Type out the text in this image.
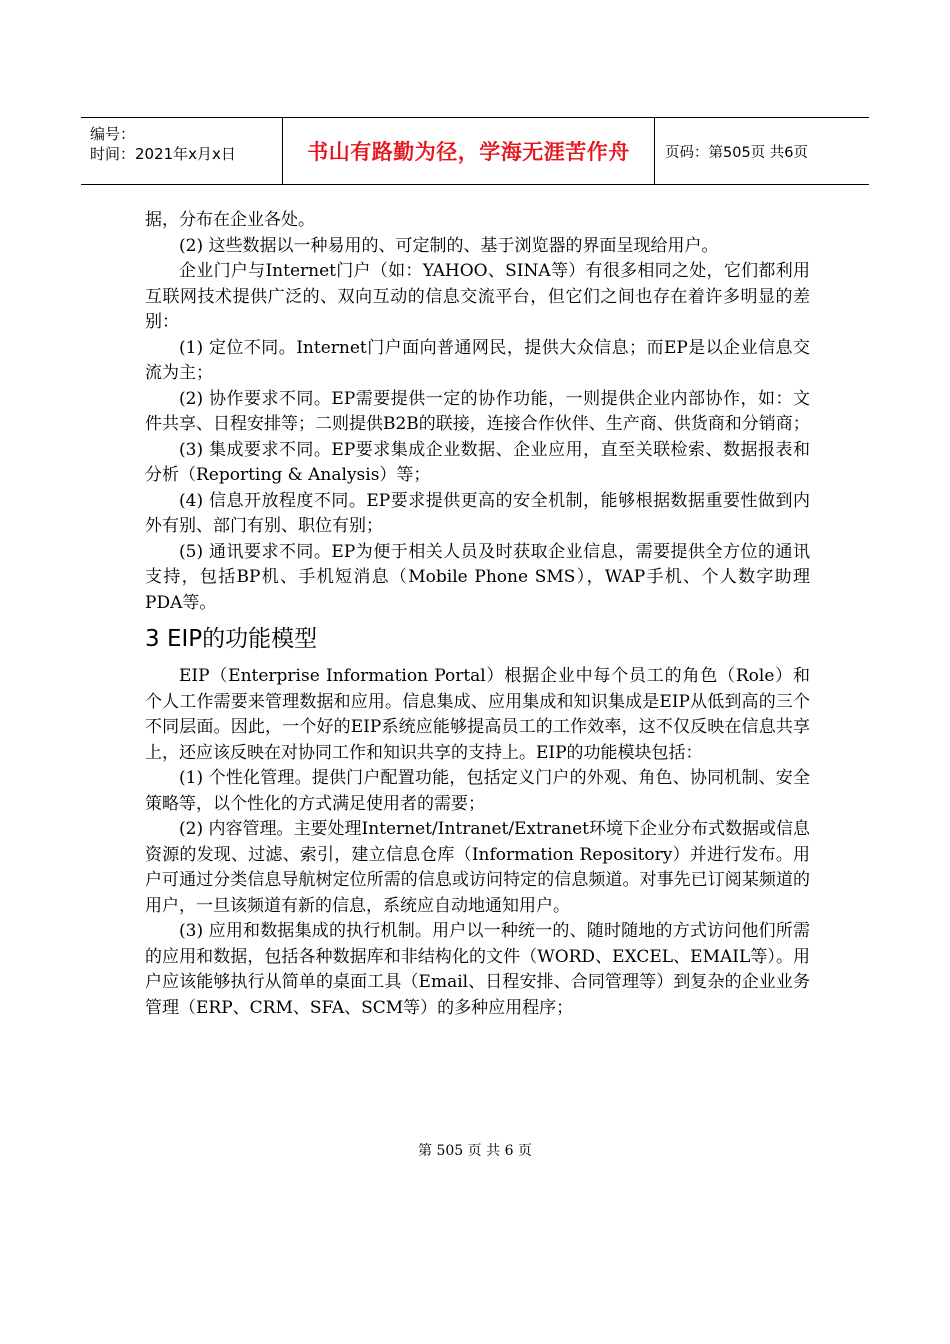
编号：
时间：2021年x月x日	书山有路勤为径，学海无涯苦作舟 页码：第505页 共6页

据，分布在企业各处。

(2) 这些数据以一种易用的、可定制的、基于浏览器的界面呈现给用户。

企业门户与Internet门户（如：YAHOO、SINA等）有很多相同之处，它们都利用互联网技术提供广泛的、双向互动的信息交流平台，但它们之间也存在着许多明显的差别：

(1) 定位不同。Internet门户面向普通网民，提供大众信息；而EP是以企业信息交流为主；

(2) 协作要求不同。EP需要提供一定的协作功能，一则提供企业内部协作，如：文件共享、日程安排等；二则提供B2B的联接，连接合作伙伴、生产商、供货商和分销商；

(3) 集成要求不同。EP要求集成企业数据、企业应用，直至关联检索、数据报表和分析（Reporting & Analysis）等；

(4) 信息开放程度不同。EP要求提供更高的安全机制，能够根据数据重要性做到内外有别、部门有别、职位有别；

(5) 通讯要求不同。EP为便于相关人员及时获取企业信息，需要提供全方位的通讯支持，包括BP机、手机短消息（Mobile Phone SMS），WAP手机、个人数字助理PDA等。

3 EIP的功能模型

EIP（Enterprise Information Portal）根据企业中每个员工的角色（Role）和个人工作需要来管理数据和应用。信息集成、应用集成和知识集成是EIP从低到高的三个不同层面。因此，一个好的EIP系统应能够提高员工的工作效率，这不仅反映在信息共享上，还应该反映在对协同工作和知识共享的支持上。EIP的功能模块包括：

(1) 个性化管理。提供门户配置功能，包括定义门户的外观、角色、协同机制、安全策略等，以个性化的方式满足使用者的需要；

(2) 内容管理。主要处理Internet/Intranet/Extranet环境下企业分布式数据或信息资源的发现、过滤、索引，建立信息仓库（Information Repository）并进行发布。用户可通过分类信息导航树定位所需的信息或访问特定的信息频道。对事先已订阅某频道的用户，一旦该频道有新的信息，系统应自动地通知用户。

(3) 应用和数据集成的执行机制。用户以一种统一的、随时随地的方式访问他们所需的应用和数据，包括各种数据库和非结构化的文件（WORD、EXCEL、EMAIL等）。用户应该能够执行从简单的桌面工具（Email、日程安排、合同管理等）到复杂的企业业务管理（ERP、CRM、SFA、SCM等）的多种应用程序；

第 505 页 共 6 页
